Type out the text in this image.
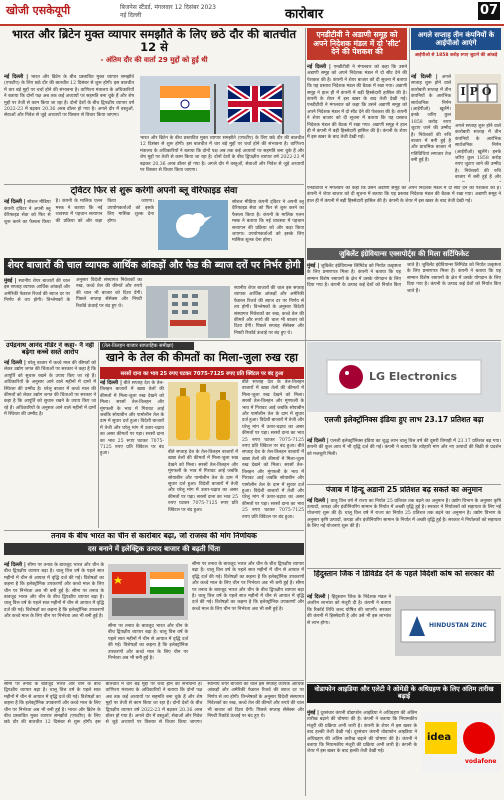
खोजी एसकेयूपी	बिजनेस स्टैंडर्ड, मंगलवार 12 दिसंबर 2023
नई दिल्ली	कारोबार	07
भारत और ब्रिटेन मुक्त व्यापार समझौते के लिए छठे दौर की बातचीत 12 से
- अंतिम दौर की वार्ता 29 मुद्दों को हुई थी
नई दिल्ली | भारत और ब्रिटेन के बीच प्रस्तावित मुक्त व्यापार समझौते (एफटीए) के लिए छठे दौर की बातचीत 12 दिसंबर से शुरू होगी। इस बातचीत में चार बड़े मुद्दों पर चर्चा होने की संभावना है। वाणिज्य मंत्रालय के अधिकारियों ने बताया कि दोनों पक्ष अब तक कई अध्यायों पर सहमति बना चुके हैं और शेष मुद्दों पर तेजी से काम किया जा रहा है। दोनों देशों के बीच द्विपक्षीय व्यापार वर्ष 2022-23 में बढ़कर 20.36 अरब डॉलर हो गया है। अगले दौर में वस्तुओं, सेवाओं और निवेश से जुड़े अध्यायों पर विस्तार से विचार किया जाएगा।
भारत और ब्रिटेन के बीच प्रस्तावित मुक्त व्यापार समझौते (एफटीए) के लिए छठे दौर की बातचीत 12 दिसंबर से शुरू होगी। इस बातचीत में चार बड़े मुद्दों पर चर्चा होने की संभावना है। वाणिज्य मंत्रालय के अधिकारियों ने बताया कि दोनों पक्ष अब तक कई अध्यायों पर सहमति बना चुके हैं और शेष मुद्दों पर तेजी से काम किया जा रहा है। दोनों देशों के बीच द्विपक्षीय व्यापार वर्ष 2022-23 में बढ़कर 20.36 अरब डॉलर हो गया है। अगले दौर में वस्तुओं, सेवाओं और निवेश से जुड़े अध्यायों पर विस्तार से विचार किया जाएगा।
एनडीटीवी ने अडाणी समूह को अपने निदेशक मंडल में दो 'सीट' देने की पेशकश की
नई दिल्ली | एनडीटीवी ने मंगलवार को कहा कि उसने अडाणी समूह को अपने निदेशक मंडल में दो सीट देने की पेशकश की है। कंपनी ने शेयर बाजार को दी सूचना में बताया कि यह प्रस्ताव निदेशक मंडल की बैठक में रखा गया। अडाणी समूह ने हाल ही में कंपनी में बड़ी हिस्सेदारी हासिल की है। कंपनी के शेयर में इस खबर के बाद तेजी देखी गई। एनडीटीवी ने मंगलवार को कहा कि उसने अडाणी समूह को अपने निदेशक मंडल में दो सीट देने की पेशकश की है। कंपनी ने शेयर बाजार को दी सूचना में बताया कि यह प्रस्ताव निदेशक मंडल की बैठक में रखा गया। अडाणी समूह ने हाल ही में कंपनी में बड़ी हिस्सेदारी हासिल की है। कंपनी के शेयर में इस खबर के बाद तेजी देखी गई।
अगले सप्ताह तीन कंपनियों के आईपीओ आएंगे
आईपीओ से 1858 करोड़ रुपए जुटाने की आंकड़े
नई दिल्ली | अगले सप्ताह शुरू होने वाले कारोबारी सप्ताह में तीन कंपनियों के आरंभिक सार्वजनिक निर्गम (आईपीओ) खुलेंगे। इनके जरिए कुल 1858 करोड़ रुपए जुटाए जाने की उम्मीद है। निवेशकों की रुचि बाजार में बनी हुई है और प्राथमिक बाजार में गतिविधियां लगातार तेज बनी हुई हैं।
IPO
अगले सप्ताह शुरू होने वाले कारोबारी सप्ताह में तीन कंपनियों के आरंभिक सार्वजनिक निर्गम (आईपीओ) खुलेंगे। इनके जरिए कुल 1858 करोड़ रुपए जुटाए जाने की उम्मीद है। निवेशकों की रुचि बाजार में बनी हुई है और
ट्विटर फिर से शुरू करेगी अपनी ब्लू वेरिफाइड सेवा
नई दिल्ली | सोशल मीडिया कंपनी ट्विटर ने अपनी ब्लू वेरिफाइड सेवा को फिर से शुरू करने का फैसला किया है। कंपनी के मालिक एलन मस्क ने बताया कि नई व्यवस्था में पहचान सत्यापन की प्रक्रिया को और कड़ा किया जाएगा। उपयोगकर्ताओं को इसके लिए मासिक शुल्क देना होगा।
सोशल मीडिया कंपनी ट्विटर ने अपनी ब्लू वेरिफाइड सेवा को फिर से शुरू करने का फैसला किया है। कंपनी के मालिक एलन मस्क ने बताया कि नई व्यवस्था में पहचान सत्यापन की प्रक्रिया को और कड़ा किया जाएगा। उपयोगकर्ताओं को इसके लिए मासिक शुल्क देना होगा।
शेयर बाजारों की चाल व्यापक आर्थिक आंकड़ों और फेड की ब्याज दरों पर निर्भर होगी
मुंबई | स्थानीय शेयर बाजारों की चाल इस सप्ताह व्यापक आर्थिक आंकड़ों और अमेरिकी फेडरल रिजर्व की ब्याज दर पर निर्णय से तय होगी। विश्लेषकों के अनुसार विदेशी संस्थागत निवेशकों का रुख, कच्चे तेल की कीमतें और रुपये की चाल भी बाजार को दिशा देंगी। पिछले सप्ताह सेंसेक्स और निफ्टी रिकॉर्ड ऊंचाई पर बंद हुए थे।
स्थानीय शेयर बाजारों की चाल इस सप्ताह व्यापक आर्थिक आंकड़ों और अमेरिकी फेडरल रिजर्व की ब्याज दर पर निर्णय से तय होगी। विश्लेषकों के अनुसार विदेशी संस्थागत निवेशकों का रुख, कच्चे तेल की कीमतें और रुपये की चाल भी बाजार को दिशा देंगी। पिछले सप्ताह सेंसेक्स और निफ्टी रिकॉर्ड ऊंचाई पर बंद हुए थे।
एनडीटीवी ने मंगलवार को कहा कि उसने अडाणी समूह को अपने निदेशक मंडल में दो सीट देने की पेशकश की है। कंपनी ने शेयर बाजार को दी सूचना में बताया कि यह प्रस्ताव निदेशक मंडल की बैठक में रखा गया। अडाणी समूह ने हाल ही में कंपनी में बड़ी हिस्सेदारी हासिल की है। कंपनी के शेयर में इस खबर के बाद तेजी देखी गई।
जुबिलेंट इंग्रेवियान्स एक्सपोर्ट्स की मिला सर्टिफिकेट
मुंबई | जुबिलेंट इंग्रेवियान्स लिमिटेड को निर्यात उत्कृष्टता के लिए प्रमाणपत्र मिला है। कंपनी ने बताया कि यह सम्मान विशेष रसायनों के क्षेत्र में उसके योगदान के लिए दिया गया है। कंपनी के उत्पाद कई देशों को निर्यात किए जाते हैं। जुबिलेंट इंग्रेवियान्स लिमिटेड को निर्यात उत्कृष्टता के लिए प्रमाणपत्र मिला है। कंपनी ने बताया कि यह सम्मान विशेष रसायनों के क्षेत्र में उसके योगदान के लिए दिया गया है। कंपनी के उत्पाद कई देशों को निर्यात किए जाते हैं।
उपेंद्रनाथ आनंद मंडिर ने कहा- नै नहीं बढ़ेगा कच्चे सस्ते आरोप
नई दिल्ली | घरेलू बाजार में कच्चे माल की कीमतों को लेकर उद्योग जगत की चिंताओं पर सरकार ने कहा है कि आपूर्ति को सुचारु रखने के उपाय किए जा रहे हैं। अधिकारियों के अनुसार आने वाले महीनों में दामों में स्थिरता की उम्मीद है। घरेलू बाजार में कच्चे माल की कीमतों को लेकर उद्योग जगत की चिंताओं पर सरकार ने कहा है कि आपूर्ति को सुचारु रखने के उपाय किए जा रहे हैं। अधिकारियों के अनुसार आने वाले महीनों में दामों में स्थिरता की उम्मीद है।
(तेल-तिलहन बाजार साप्ताहिक समीक्षा)
खाने के तेल की कीमतों का मिला-जुला रुख रहा
सरसों दाना का भाव 25 रुपए घटकर 7075-7125 रुपए प्रति क्विंटल पर बंद हुआ
नई दिल्ली | बीते सप्ताह देश के तेल-तिलहन बाजारों में खाद्य तेलों की कीमतों में मिला-जुला रुख देखने को मिला। सरसों तेल-तिलहन और मूंगफली के भाव में गिरावट आई जबकि सोयाबीन और पामोलीन तेल के दाम में सुधार दर्ज हुआ। विदेशी बाजारों में तेजी और घरेलू मांग में उतार-चढ़ाव का असर कीमतों पर पड़ा। सरसों दाना का भाव 25 रुपए घटकर 7075-7125 रुपए प्रति क्विंटल पर बंद हुआ।
बीते सप्ताह देश के तेल-तिलहन बाजारों में खाद्य तेलों की कीमतों में मिला-जुला रुख देखने को मिला। सरसों तेल-तिलहन और मूंगफली के भाव में गिरावट आई जबकि सोयाबीन और पामोलीन तेल के दाम में सुधार दर्ज हुआ। विदेशी बाजारों में तेजी और घरेलू मांग में उतार-चढ़ाव का असर कीमतों पर पड़ा। सरसों दाना का भाव 25 रुपए घटकर 7075-7125 रुपए प्रति क्विंटल पर बंद हुआ। बीते सप्ताह देश के तेल-तिलहन बाजारों में खाद्य तेलों की कीमतों में मिला-जुला रुख देखने को मिला। सरसों तेल-तिलहन और मूंगफली के भाव में गिरावट आई जबकि सोयाबीन और पामोलीन तेल के दाम में सुधार दर्ज हुआ। विदेशी बाजारों में तेजी और घरेलू मांग में उतार-चढ़ाव का असर कीमतों पर पड़ा। सरसों दाना का भाव 25 रुपए घटकर 7075-7125 रुपए प्रति क्विंटल पर बंद हुआ।
बीते सप्ताह देश के तेल-तिलहन बाजारों में खाद्य तेलों की कीमतों में मिला-जुला रुख देखने को मिला। सरसों तेल-तिलहन और मूंगफली के भाव में गिरावट आई जबकि सोयाबीन और पामोलीन तेल के दाम में सुधार दर्ज हुआ। विदेशी बाजारों में तेजी और घरेलू मांग में उतार-चढ़ाव का असर कीमतों पर पड़ा। सरसों दाना का भाव 25 रुपए घटकर 7075-7125 रुपए प्रति क्विंटल पर बंद हुआ।
LG Electronics
एलजी इलेक्ट्रॉनिक्स इंडिया हुए लाभ 23.17 प्रतिशत बढ़ा
नई दिल्ली | एलजी इलेक्ट्रॉनिक्स इंडिया का शुद्ध लाभ चालू वित्त वर्ष की दूसरी तिमाही में 23.17 प्रतिशत बढ़ गया। कंपनी की कुल आय में भी वृद्धि दर्ज की गई। कंपनी ने बताया कि त्योहारी मांग और नए उत्पादों की बिक्री से प्रदर्शन को मजबूती मिली।
पंजाब में हिन्दू अडानी 25 प्रतिशत बढ़ सकते का अनुमान
नई दिल्ली | चालू वित्त वर्ष में राज्य का निर्यात 25 प्रतिशत तक बढ़ने का अनुमान है। उद्योग विभाग के अनुसार कृषि उत्पादों, कपड़ा और इंजीनियरिंग सामान के निर्यात में अच्छी वृद्धि हुई है। सरकार ने निर्यातकों को सहायता के लिए नई योजनाएं शुरू की हैं। चालू वित्त वर्ष में राज्य का निर्यात 25 प्रतिशत तक बढ़ने का अनुमान है। उद्योग विभाग के अनुसार कृषि उत्पादों, कपड़ा और इंजीनियरिंग सामान के निर्यात में अच्छी वृद्धि हुई है। सरकार ने निर्यातकों को सहायता के लिए नई योजनाएं शुरू की हैं।
हिंदुस्तान जिंक ने डिविडेंड देने के पहले विदेशी कोष को सरकार की
नई दिल्ली | हिंदुस्तान जिंक के निदेशक मंडल ने अंतरिम लाभांश को मंजूरी दी है। कंपनी ने बताया कि रिकॉर्ड तिथि जल्द घोषित की जाएगी। सरकार की कंपनी में हिस्सेदारी है और उसे भी इस लाभांश से लाभ होगा।	HINDUSTAN ZINC
तनाव के बीच भारत का चीन से कारोबार बढ़ा, जो राजस्व की मांग निर्णायक
दस बनाने में इलेक्ट्रिक उत्पाद बाजार की बढ़ती चिंता
नई दिल्ली | सीमा पर तनाव के बावजूद भारत और चीन के बीच द्विपक्षीय व्यापार बढ़ा है। चालू वित्त वर्ष के पहले सात महीनों में चीन से आयात में वृद्धि दर्ज की गई। विशेषज्ञों का कहना है कि इलेक्ट्रॉनिक उपकरणों और कच्चे माल के लिए चीन पर निर्भरता अब भी बनी हुई है। सीमा पर तनाव के बावजूद भारत और चीन के बीच द्विपक्षीय व्यापार बढ़ा है। चालू वित्त वर्ष के पहले सात महीनों में चीन से आयात में वृद्धि दर्ज की गई। विशेषज्ञों का कहना है कि इलेक्ट्रॉनिक उपकरणों और कच्चे माल के लिए चीन पर निर्भरता अब भी बनी हुई है।
सीमा पर तनाव के बावजूद भारत और चीन के बीच द्विपक्षीय व्यापार बढ़ा है। चालू वित्त वर्ष के पहले सात महीनों में चीन से आयात में वृद्धि दर्ज की गई। विशेषज्ञों का कहना है कि इलेक्ट्रॉनिक उपकरणों और कच्चे माल के लिए चीन पर निर्भरता अब भी बनी हुई है। सीमा पर तनाव के बावजूद भारत और चीन के बीच द्विपक्षीय व्यापार बढ़ा है। चालू वित्त वर्ष के पहले सात महीनों में चीन से आयात में वृद्धि दर्ज की गई। विशेषज्ञों का कहना है कि इलेक्ट्रॉनिक उपकरणों और कच्चे माल के लिए चीन पर निर्भरता अब भी बनी हुई है।
सीमा पर तनाव के बावजूद भारत और चीन के बीच द्विपक्षीय व्यापार बढ़ा है। चालू वित्त वर्ष के पहले सात महीनों में चीन से आयात में वृद्धि दर्ज की गई। विशेषज्ञों का कहना है कि इलेक्ट्रॉनिक उपकरणों और कच्चे माल के लिए चीन पर निर्भरता अब भी बनी हुई है।
वोडाफोन आइडिया और एलेटी ने ओमेडी के अधिग्रहण के लिए अंतिम तारीख बढ़ाई
मुंबई | दूरसंचार कंपनी वोडाफोन आइडिया ने अधिग्रहण की अंतिम तारीख बढ़ाने की घोषणा की है। कंपनी ने बताया कि नियामकीय मंजूरी की प्रक्रिया अभी जारी है। कंपनी के शेयर में इस खबर के बाद हल्की तेजी देखी गई। दूरसंचार कंपनी वोडाफोन आइडिया ने अधिग्रहण की अंतिम तारीख बढ़ाने की घोषणा की है। कंपनी ने बताया कि नियामकीय मंजूरी की प्रक्रिया अभी जारी है। कंपनी के शेयर में इस खबर के बाद हल्की तेजी देखी गई।
idea
vodafone
सीमा पर तनाव के बावजूद भारत और चीन के बीच द्विपक्षीय व्यापार बढ़ा है। चालू वित्त वर्ष के पहले सात महीनों में चीन से आयात में वृद्धि दर्ज की गई। विशेषज्ञों का कहना है कि इलेक्ट्रॉनिक उपकरणों और कच्चे माल के लिए चीन पर निर्भरता अब भी बनी हुई है। भारत और ब्रिटेन के बीच प्रस्तावित मुक्त व्यापार समझौते (एफटीए) के लिए छठे दौर की बातचीत 12 दिसंबर से शुरू होगी। इस बातचीत में चार बड़े मुद्दों पर चर्चा होने की संभावना है। वाणिज्य मंत्रालय के अधिकारियों ने बताया कि दोनों पक्ष अब तक कई अध्यायों पर सहमति बना चुके हैं और शेष मुद्दों पर तेजी से काम किया जा रहा है। दोनों देशों के बीच द्विपक्षीय व्यापार वर्ष 2022-23 में बढ़कर 20.36 अरब डॉलर हो गया है। अगले दौर में वस्तुओं, सेवाओं और निवेश से जुड़े अध्यायों पर विस्तार से विचार किया जाएगा। स्थानीय शेयर बाजारों की चाल इस सप्ताह व्यापक आर्थिक आंकड़ों और अमेरिकी फेडरल रिजर्व की ब्याज दर पर निर्णय से तय होगी। विश्लेषकों के अनुसार विदेशी संस्थागत निवेशकों का रुख, कच्चे तेल की कीमतें और रुपये की चाल भी बाजार को दिशा देंगी। पिछले सप्ताह सेंसेक्स और निफ्टी रिकॉर्ड ऊंचाई पर बंद हुए थे।
